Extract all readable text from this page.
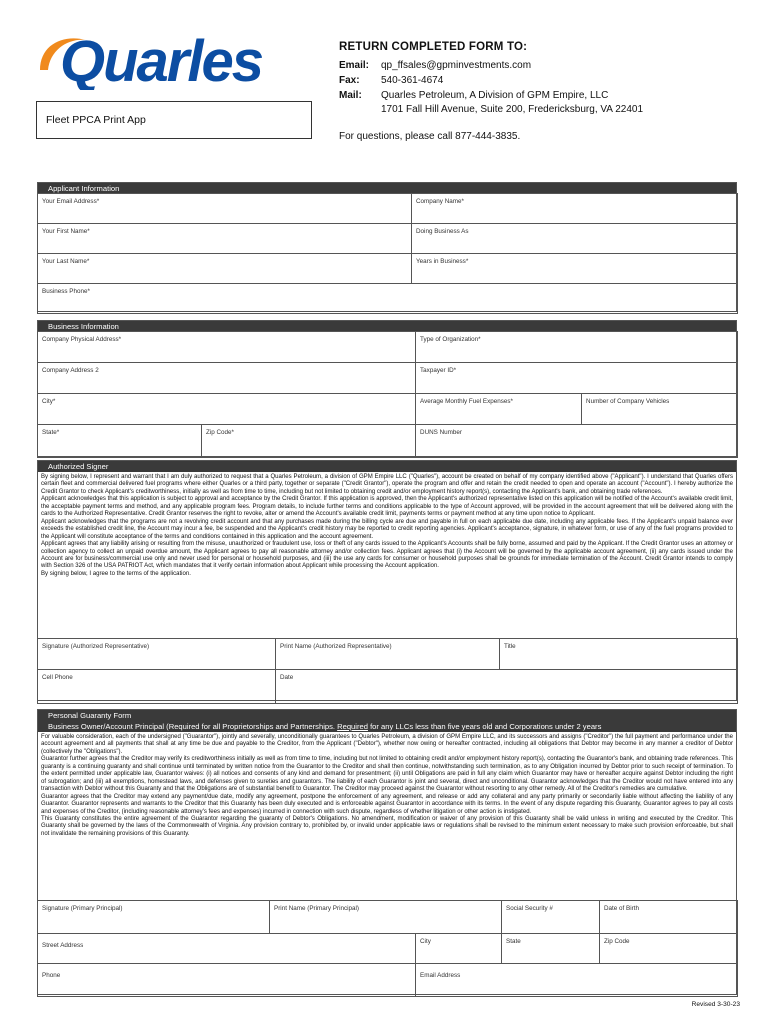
Quarles
Fleet PPCA Print App
RETURN COMPLETED FORM TO:
Email: qp_ffsales@gpminvestments.com
Fax: 540-361-4674
Mail: Quarles Petroleum, A Division of GPM Empire, LLC
1701 Fall Hill Avenue, Suite 200, Fredericksburg, VA 22401
For questions, please call 877-444-3835.
Applicant Information
Your Email Address*	Company Name*
Your First Name*	Doing Business As
Your Last Name*	Years in Business*
Business Phone*	
Business Information
Company Physical Address*		Type of Organization*	
Company Address 2		Taxpayer ID*	
City*		Average Monthly Fuel Expenses*	Number of Company Vehicles
State*	Zip Code*	DUNS Number	
Authorized Signer

By signing below, I represent and warrant that I am duly authorized to request that a Quarles Petroleum, a division of GPM Empire LLC ("Quarles"), account be created on behalf of my company identified above ("Applicant"). I understand that Quarles offers certain fleet and commercial delivered fuel programs where either Quarles or a third party, together or separate ("Credit Grantor"), operate the program and offer and retain the credit needed to open and operate an account ("Account"). I hereby authorize the Credit Grantor to check Applicant's creditworthiness, initially as well as from time to time, including but not limited to obtaining credit and/or employment history report(s), contacting the Applicant's bank, and obtaining trade references.

Applicant acknowledges that this application is subject to approval and acceptance by the Credit Grantor. If this application is approved, then the Applicant's authorized representative listed on this application will be notified of the Account's available credit limit, the acceptable payment terms and method, and any applicable program fees. Program details, to include further terms and conditions applicable to the type of Account approved, will be provided in the account agreement that will be delivered along with the cards to the Authorized Representative. Credit Grantor reserves the right to revoke, alter or amend the Account's available credit limit, payments terms or payment method at any time upon notice to Applicant.

Applicant acknowledges that the programs are not a revolving credit account and that any purchases made during the billing cycle are due and payable in full on each applicable due date, including any applicable fees. If the Applicant's unpaid balance ever exceeds the established credit line, the Account may incur a fee, be suspended and the Applicant's credit history may be reported to credit reporting agencies. Applicant's acceptance, signature, in whatever form, or use of any of the fuel programs provided to the Applicant will constitute acceptance of the terms and conditions contained in this application and the account agreement.

Applicant agrees that any liability arising or resulting from the misuse, unauthorized or fraudulent use, loss or theft of any cards issued to the Applicant's Accounts shall be fully borne, assumed and paid by the Applicant. If the Credit Grantor uses an attorney or collection agency to collect an unpaid overdue amount, the Applicant agrees to pay all reasonable attorney and/or collection fees. Applicant agrees that (i) the Account will be governed by the applicable account agreement, (ii) any cards issued under the Account are for business/commercial use only and never used for personal or household purposes, and (iii) the use any cards for consumer or household purposes shall be grounds for immediate termination of the Account. Credit Grantor intends to comply with Section 326 of the USA PATRIOT Act, which mandates that it verify certain information about Applicant while processing the Account application.

By signing below, I agree to the terms of the application.

Signature (Authorized Representative)	Print Name (Authorized Representative)	Title
Cell Phone	Date	
Personal Guaranty Form
Business Owner/Account Principal (Required for all Proprietorships and Partnerships. Required for any LLCs less than five years old and Corporations under 2 years

For valuable consideration, each of the undersigned ("Guarantor"), jointly and severally, unconditionally guarantees to Quarles Petroleum, a division of GPM Empire LLC, and its successors and assigns ("Creditor") the full payment and performance under the account agreement and all payments that shall at any time be due and payable to the Creditor, from the Applicant ("Debtor"), whether now owing or hereafter contracted, including all obligations that Debtor may become in any manner a creditor of Debtor (collectively the "Obligations").

Guarantor further agrees that the Creditor may verify its creditworthiness initially as well as from time to time, including but not limited to obtaining credit and/or employment history report(s), contacting the Guarantor's bank, and obtaining trade references. This guaranty is a continuing guaranty and shall continue until terminated by written notice from the Guarantor to the Creditor and shall then continue, notwithstanding such termination, as to any Obligation incurred by Debtor prior to such receipt of termination. To the extent permitted under applicable law, Guarantor waives: (i) all notices and consents of any kind and demand for presentment; (ii) until Obligations are paid in full any claim which Guarantor may have or hereafter acquire against Debtor including the right of subrogation; and (iii) all exemptions, homestead laws, and defenses given to sureties and guarantors. The liability of each Guarantor is joint and several, direct and unconditional. Guarantor acknowledges that the Creditor would not have entered into any transaction with Debtor without this Guaranty and that the Obligations are of substantial benefit to Guarantor. The Creditor may proceed against the Guarantor without resorting to any other remedy. All of the Creditor's remedies are cumulative.

Guarantor agrees that the Creditor may extend any payment/due date, modify any agreement, postpone the enforcement of any agreement, and release or add any collateral and any party primarily or secondarily liable without affecting the liability of any Guarantor. Guarantor represents and warrants to the Creditor that this Guaranty has been duly executed and is enforceable against Guarantor in accordance with its terms. In the event of any dispute regarding this Guaranty, Guarantor agrees to pay all costs and expenses of the Creditor, (including reasonable attorney's fees and expenses) incurred in connection with such dispute, regardless of whether litigation or other action is instigated.

This Guaranty constitutes the entire agreement of the Guarantor regarding the guaranty of Debtor's Obligations. No amendment, modification or waiver of any provision of this Guaranty shall be valid unless in writing and executed by the Creditor. This Guaranty shall be governed by the laws of the Commonwealth of Virginia. Any provision contrary to, prohibited by, or invalid under applicable laws or regulations shall be revised to the minimum extent necessary to make such provision enforceable, but shall not invalidate the remaining provisions of this Guaranty.

Signature (Primary Principal)	Print Name (Primary Principal)		Social Security #	Date of Birth
Street Address		City	State	Zip Code
Phone		Email Address		
Revised 3-30-23
